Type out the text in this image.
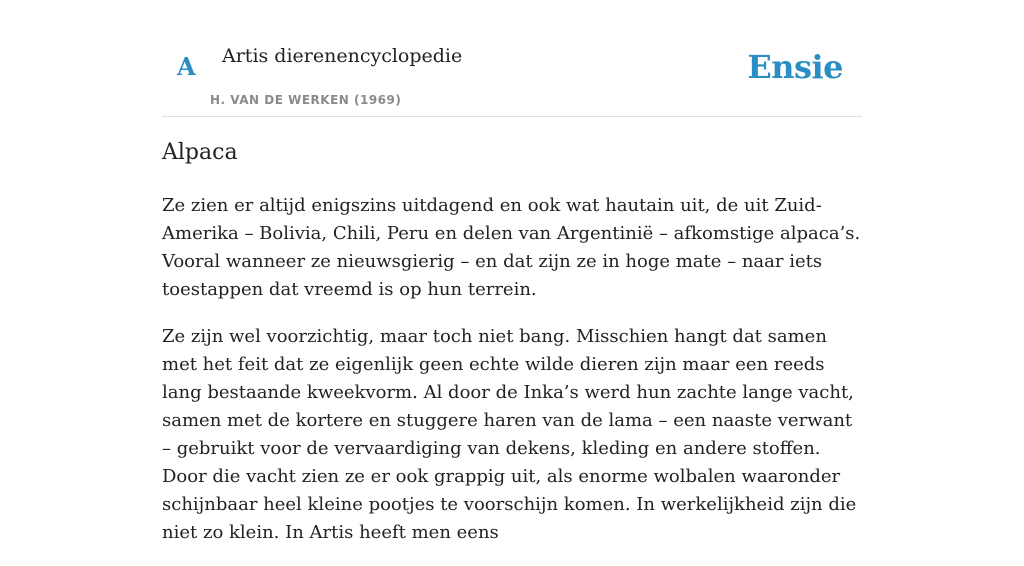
A Artis dierenencyclopedie
H. VAN DE WERKEN (1969)
Ensie
Alpaca

Ze zien er altijd enigszins uitdagend en ook wat hautain uit, de uit Zuid-Amerika – Bolivia, Chili, Peru en delen van Argentinië – afkomstige alpaca’s. Vooral wanneer ze nieuwsgierig – en dat zijn ze in hoge mate – naar iets toestappen dat vreemd is op hun terrein.

Ze zijn wel voorzichtig, maar toch niet bang. Misschien hangt dat samen met het feit dat ze eigenlijk geen echte wilde dieren zijn maar een reeds lang bestaande kweekvorm. Al door de Inka’s werd hun zachte lange vacht, samen met de kortere en stuggere haren van de lama – een naaste verwant – gebruikt voor de vervaardiging van dekens, kleding en andere stoffen. Door die vacht zien ze er ook grappig uit, als enorme wolbalen waaronder schijnbaar heel kleine pootjes te voorschijn komen. In werkelijkheid zijn die niet zo klein. In Artis heeft men eens
